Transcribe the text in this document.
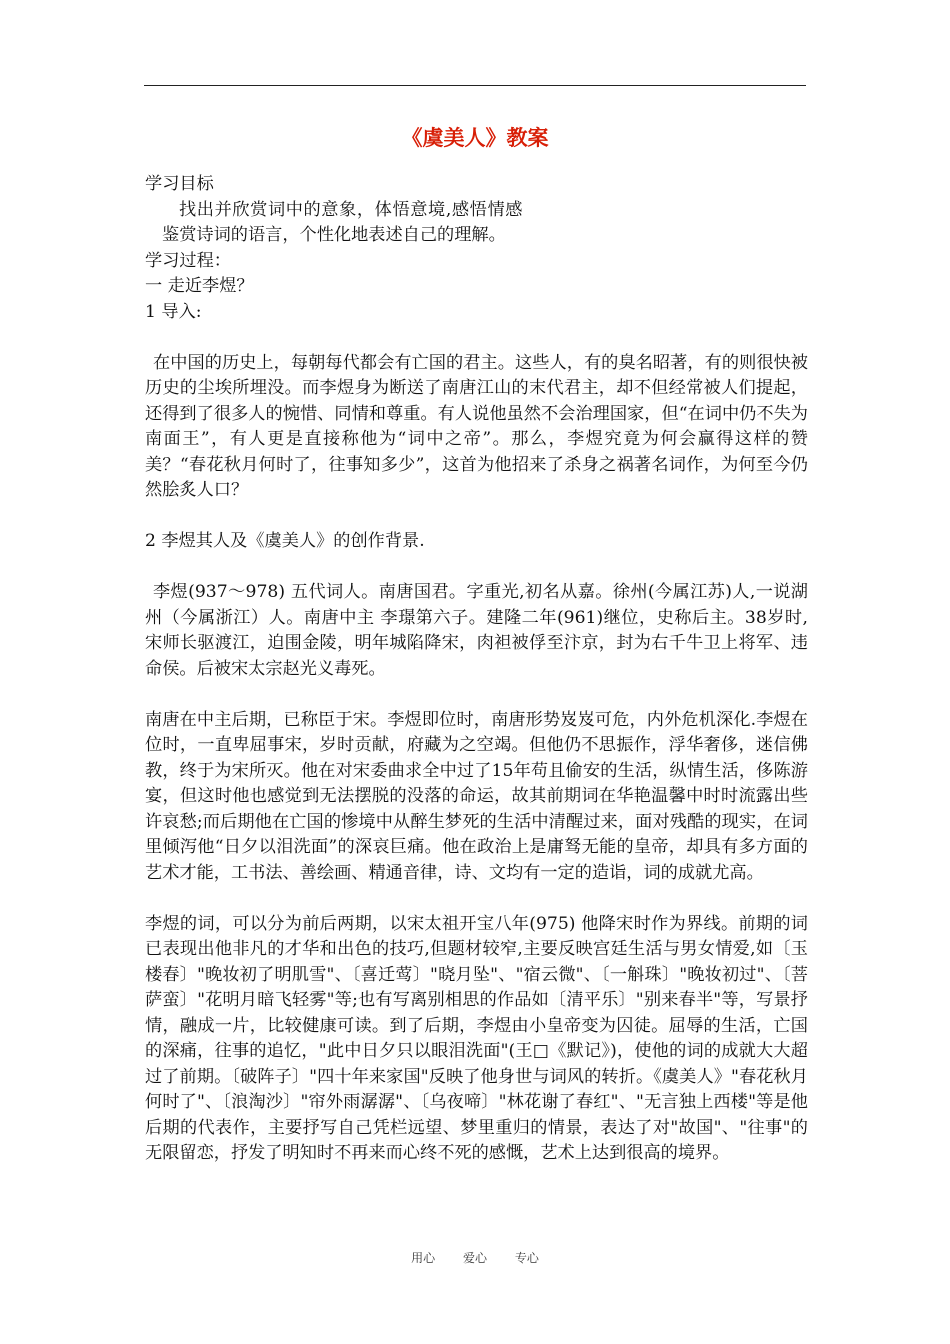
《虞美人》教案
学习目标
找出并欣赏词中的意象，体悟意境,感悟情感
鉴赏诗词的语言，个性化地表述自己的理解。
学习过程：
一 走近李煜？
1 导入:
在中国的历史上，每朝每代都会有亡国的君主。这些人，有的臭名昭著，有的则很快被历史的尘埃所埋没。而李煜身为断送了南唐江山的末代君主，却不但经常被人们提起，还得到了很多人的惋惜、同情和尊重。有人说他虽然不会治理国家，但“在词中仍不失为南面王”，有人更是直接称他为“词中之帝”。那么，李煜究竟为何会赢得这样的赞美？“春花秋月何时了，往事知多少”，这首为他招来了杀身之祸著名词作，为何至今仍然脍炙人口？
2 李煜其人及《虞美人》的创作背景.
李煜(937～978) 五代词人。南唐国君。字重光,初名从嘉。徐州(今属江苏)人,一说湖州（今属浙江）人。南唐中主 李璟第六子。建隆二年(961)继位，史称后主。38岁时,宋师长驱渡江，迫围金陵，明年城陷降宋，肉袒被俘至汴京，封为右千牛卫上将军、违命侯。后被宋太宗赵光义毒死。
南唐在中主后期，已称臣于宋。李煜即位时，南唐形势岌岌可危，内外危机深化.李煜在位时，一直卑屈事宋，岁时贡献，府藏为之空竭。但他仍不思振作，浮华奢侈，迷信佛教，终于为宋所灭。他在对宋委曲求全中过了15年苟且偷安的生活，纵情生活，侈陈游宴，但这时他也感觉到无法摆脱的没落的命运，故其前期词在华艳温馨中时时流露出些许哀愁;而后期他在亡国的惨境中从醉生梦死的生活中清醒过来，面对残酷的现实，在词里倾泻他“日夕以泪洗面”的深哀巨痛。他在政治上是庸驽无能的皇帝，却具有多方面的艺术才能，工书法、善绘画、精通音律，诗、文均有一定的造诣，词的成就尤高。
李煜的词，可以分为前后两期，以宋太祖开宝八年(975) 他降宋时作为界线。前期的词已表现出他非凡的才华和出色的技巧,但题材较窄,主要反映宫廷生活与男女情爱,如〔玉楼春〕"晚妆初了明肌雪"、〔喜迁莺〕"晓月坠"、"宿云微"、〔一斛珠〕"晚妆初过"、〔菩萨蛮〕"花明月暗飞轻雾"等;也有写离别相思的作品如〔清平乐〕"别来春半"等，写景抒情，融成一片，比较健康可读。到了后期，李煜由小皇帝变为囚徒。屈辱的生活，亡国的深痛，往事的追忆，"此中日夕只以眼泪洗面"(王□《默记》)，使他的词的成就大大超过了前期。〔破阵子〕"四十年来家国"反映了他身世与词风的转折。《虞美人》"春花秋月何时了"、〔浪淘沙〕"帘外雨潺潺"、〔乌夜啼〕"林花谢了春红"、"无言独上西楼"等是他后期的代表作，主要抒写自己凭栏远望、梦里重归的情景，表达了对"故国"、"往事"的无限留恋，抒发了明知时不再来而心终不死的感慨，艺术上达到很高的境界。
用心 爱心 专心
